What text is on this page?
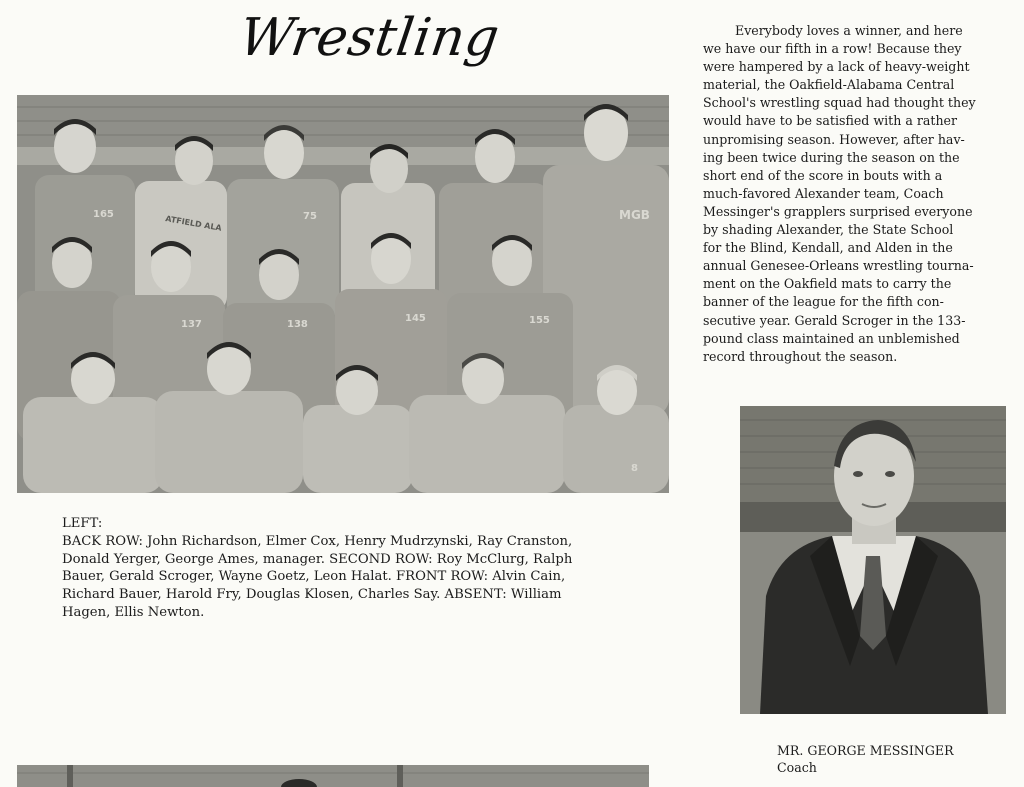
Wrestling
165	ATFIELD ALA	75	MGB
138
145	155
137
8
LEFT:
BACK ROW: John Richardson, Elmer Cox, Henry Mudrzynski, Ray Cranston,
Donald Yerger, George Ames, manager. SECOND ROW: Roy McClurg, Ralph
Bauer, Gerald Scroger, Wayne Goetz, Leon Halat. FRONT ROW: Alvin Cain,
Richard Bauer, Harold Fry, Douglas Klosen, Charles Say. ABSENT: William
Hagen, Ellis Newton.
Everybody loves a winner, and here
we have our fifth in a row! Because they
were hampered by a lack of heavy-weight
material, the Oakfield-Alabama Central
School's wrestling squad had thought they
would have to be satisfied with a rather
unpromising season. However, after hav-
ing been twice during the season on the
short end of the score in bouts with a
much-favored Alexander team, Coach
Messinger's grapplers surprised everyone
by shading Alexander, the State School
for the Blind, Kendall, and Alden in the
annual Genesee-Orleans wrestling tourna-
ment on the Oakfield mats to carry the
banner of the league for the fifth con-
secutive year. Gerald Scroger in the 133-
pound class maintained an unblemished
record throughout the season.
MR. GEORGE MESSINGER
Coach
